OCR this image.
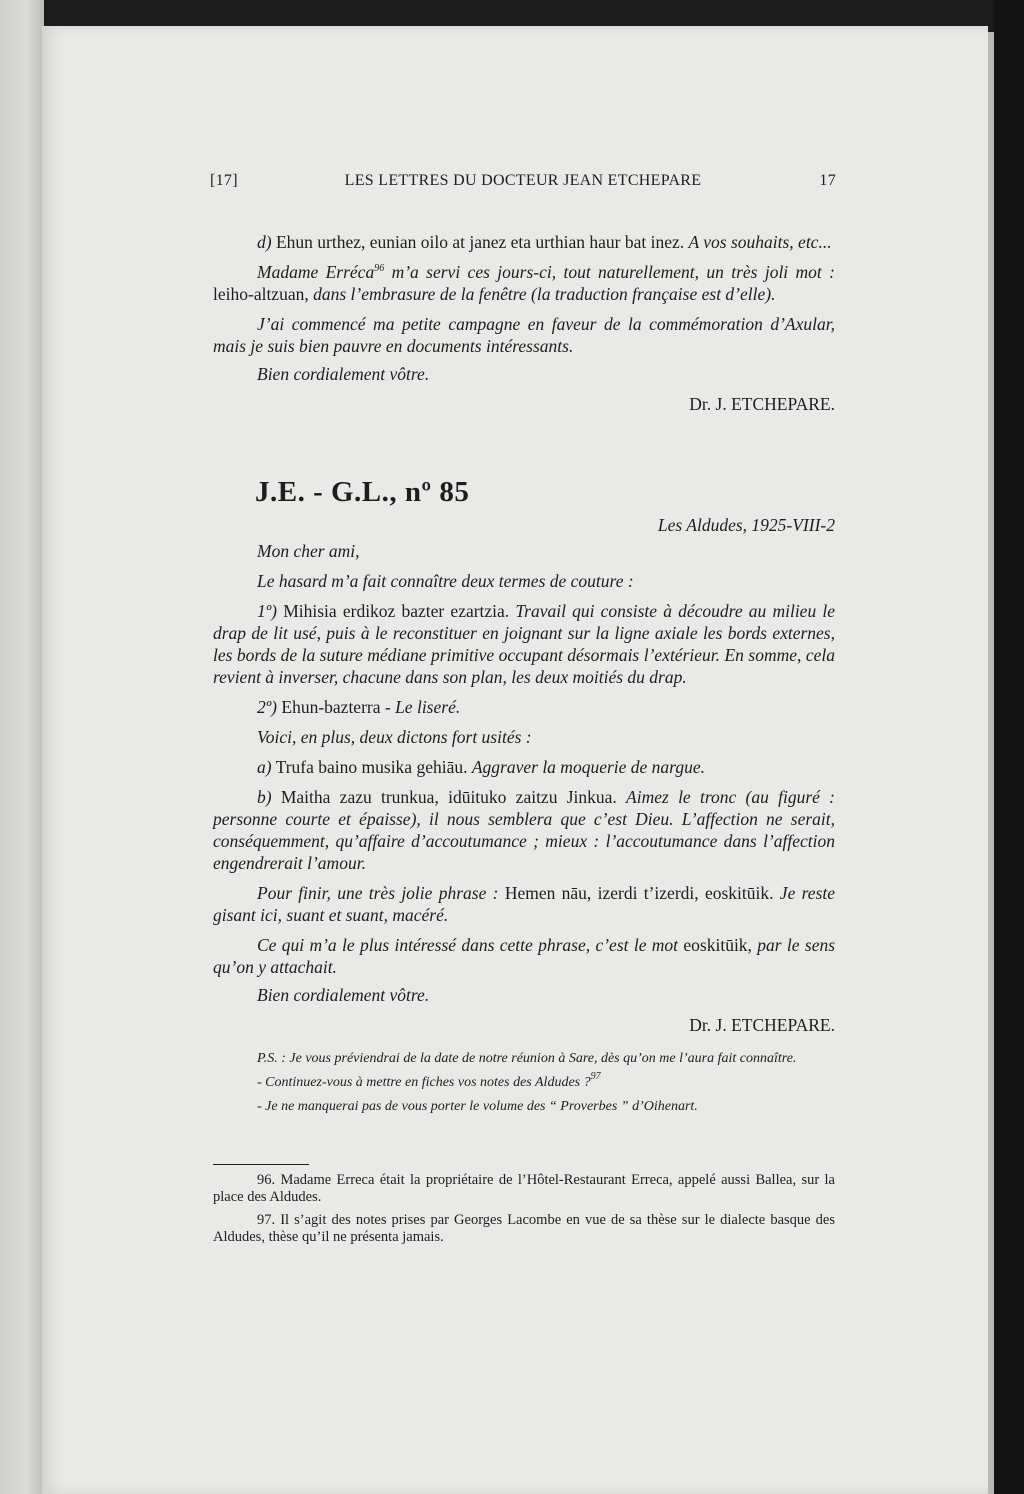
[17]	LES LETTRES DU DOCTEUR JEAN ETCHEPARE	17

d) Ehun urthez, eunian oilo at janez eta urthian haur bat inez. A vos souhaits, etc...

Madame Erréca$^{96}$ m’a servi ces jours-ci, tout naturellement, un très joli mot : leiho-altzuan, dans l’embrasure de la fenêtre (la traduction française est d’elle).

J’ai commencé ma petite campagne en faveur de la commémoration d’Axular, mais je suis bien pauvre en documents intéressants.

Bien cordialement vôtre.

Dr. J. ETCHEPARE.

J.E. - G.L., nº 85

Les Aldudes, 1925-VIII-2

Mon cher ami,

Le hasard m’a fait connaître deux termes de couture :

1º) Mihisia erdikoz bazter ezartzia. Travail qui consiste à découdre au milieu le drap de lit usé, puis à le reconstituer en joignant sur la ligne axiale les bords externes, les bords de la suture médiane primitive occupant désormais l’extérieur. En somme, cela revient à inverser, chacune dans son plan, les deux moitiés du drap.

2º) Ehun-bazterra - Le liseré.

Voici, en plus, deux dictons fort usités :

a) Trufa baino musika gehiāu. Aggraver la moquerie de nargue.

b) Maitha zazu trunkua, idūituko zaitzu Jinkua. Aimez le tronc (au figuré : personne courte et épaisse), il nous semblera que c’est Dieu. L’affection ne serait, conséquemment, qu’affaire d’accoutumance ; mieux : l’accoutumance dans l’affection engendrerait l’amour.

Pour finir, une très jolie phrase : Hemen nāu, izerdi t’izerdi, eoskitūik. Je reste gisant ici, suant et suant, macéré.

Ce qui m’a le plus intéressé dans cette phrase, c’est le mot eoskitūik, par le sens qu’on y attachait.

Bien cordialement vôtre.

Dr. J. ETCHEPARE.

P.S. : Je vous préviendrai de la date de notre réunion à Sare, dès qu’on me l’aura fait connaître.

- Continuez-vous à mettre en fiches vos notes des Aldudes ?$^{97}$

- Je ne manquerai pas de vous porter le volume des “ Proverbes ” d’Oihenart.

96. Madame Erreca était la propriétaire de l’Hôtel-Restaurant Erreca, appelé aussi Ballea, sur la place des Aldudes.

97. Il s’agit des notes prises par Georges Lacombe en vue de sa thèse sur le dialecte basque des Aldudes, thèse qu’il ne présenta jamais.
